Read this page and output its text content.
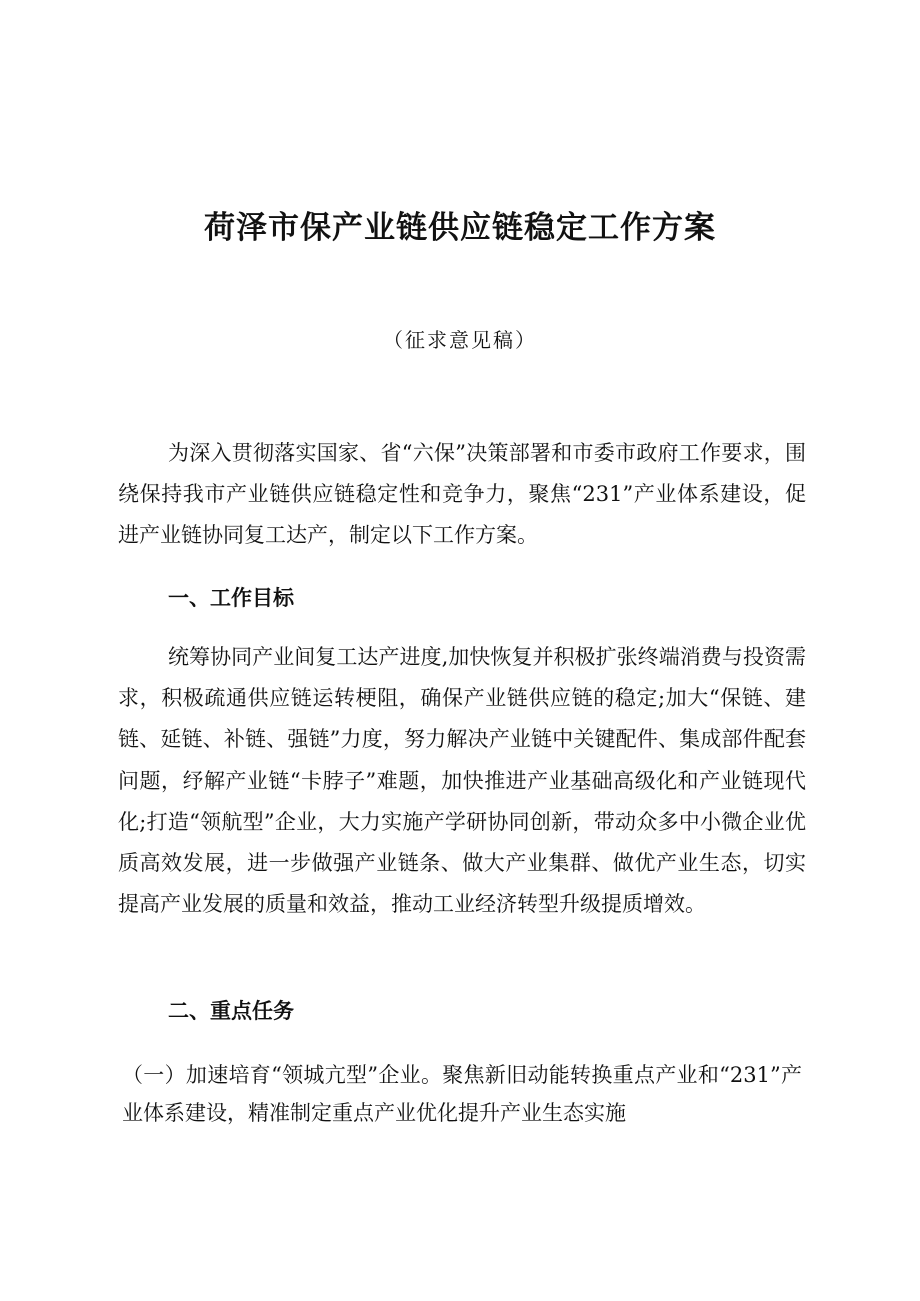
荷泽市保产业链供应链稳定工作方案

（征求意见稿）

为深入贯彻落实国家、省“六保”决策部署和市委市政府工作要求，围绕保持我市产业链供应链稳定性和竞争力，聚焦“231”产业体系建设，促进产业链协同复工达产，制定以下工作方案。

一、工作目标

统筹协同产业间复工达产进度,加快恢复并积极扩张终端消费与投资需求，积极疏通供应链运转梗阻，确保产业链供应链的稳定;加大“保链、建链、延链、补链、强链”力度，努力解决产业链中关键配件、集成部件配套问题，纾解产业链“卡脖子”难题，加快推进产业基础高级化和产业链现代化;打造“领航型”企业，大力实施产学研协同创新，带动众多中小微企业优质高效发展，进一步做强产业链条、做大产业集群、做优产业生态，切实提高产业发展的质量和效益，推动工业经济转型升级提质增效。

二、重点任务

（一）加速培育“领城亢型”企业。聚焦新旧动能转换重点产业和“231”产业体系建设，精准制定重点产业优化提升产业生态实施
